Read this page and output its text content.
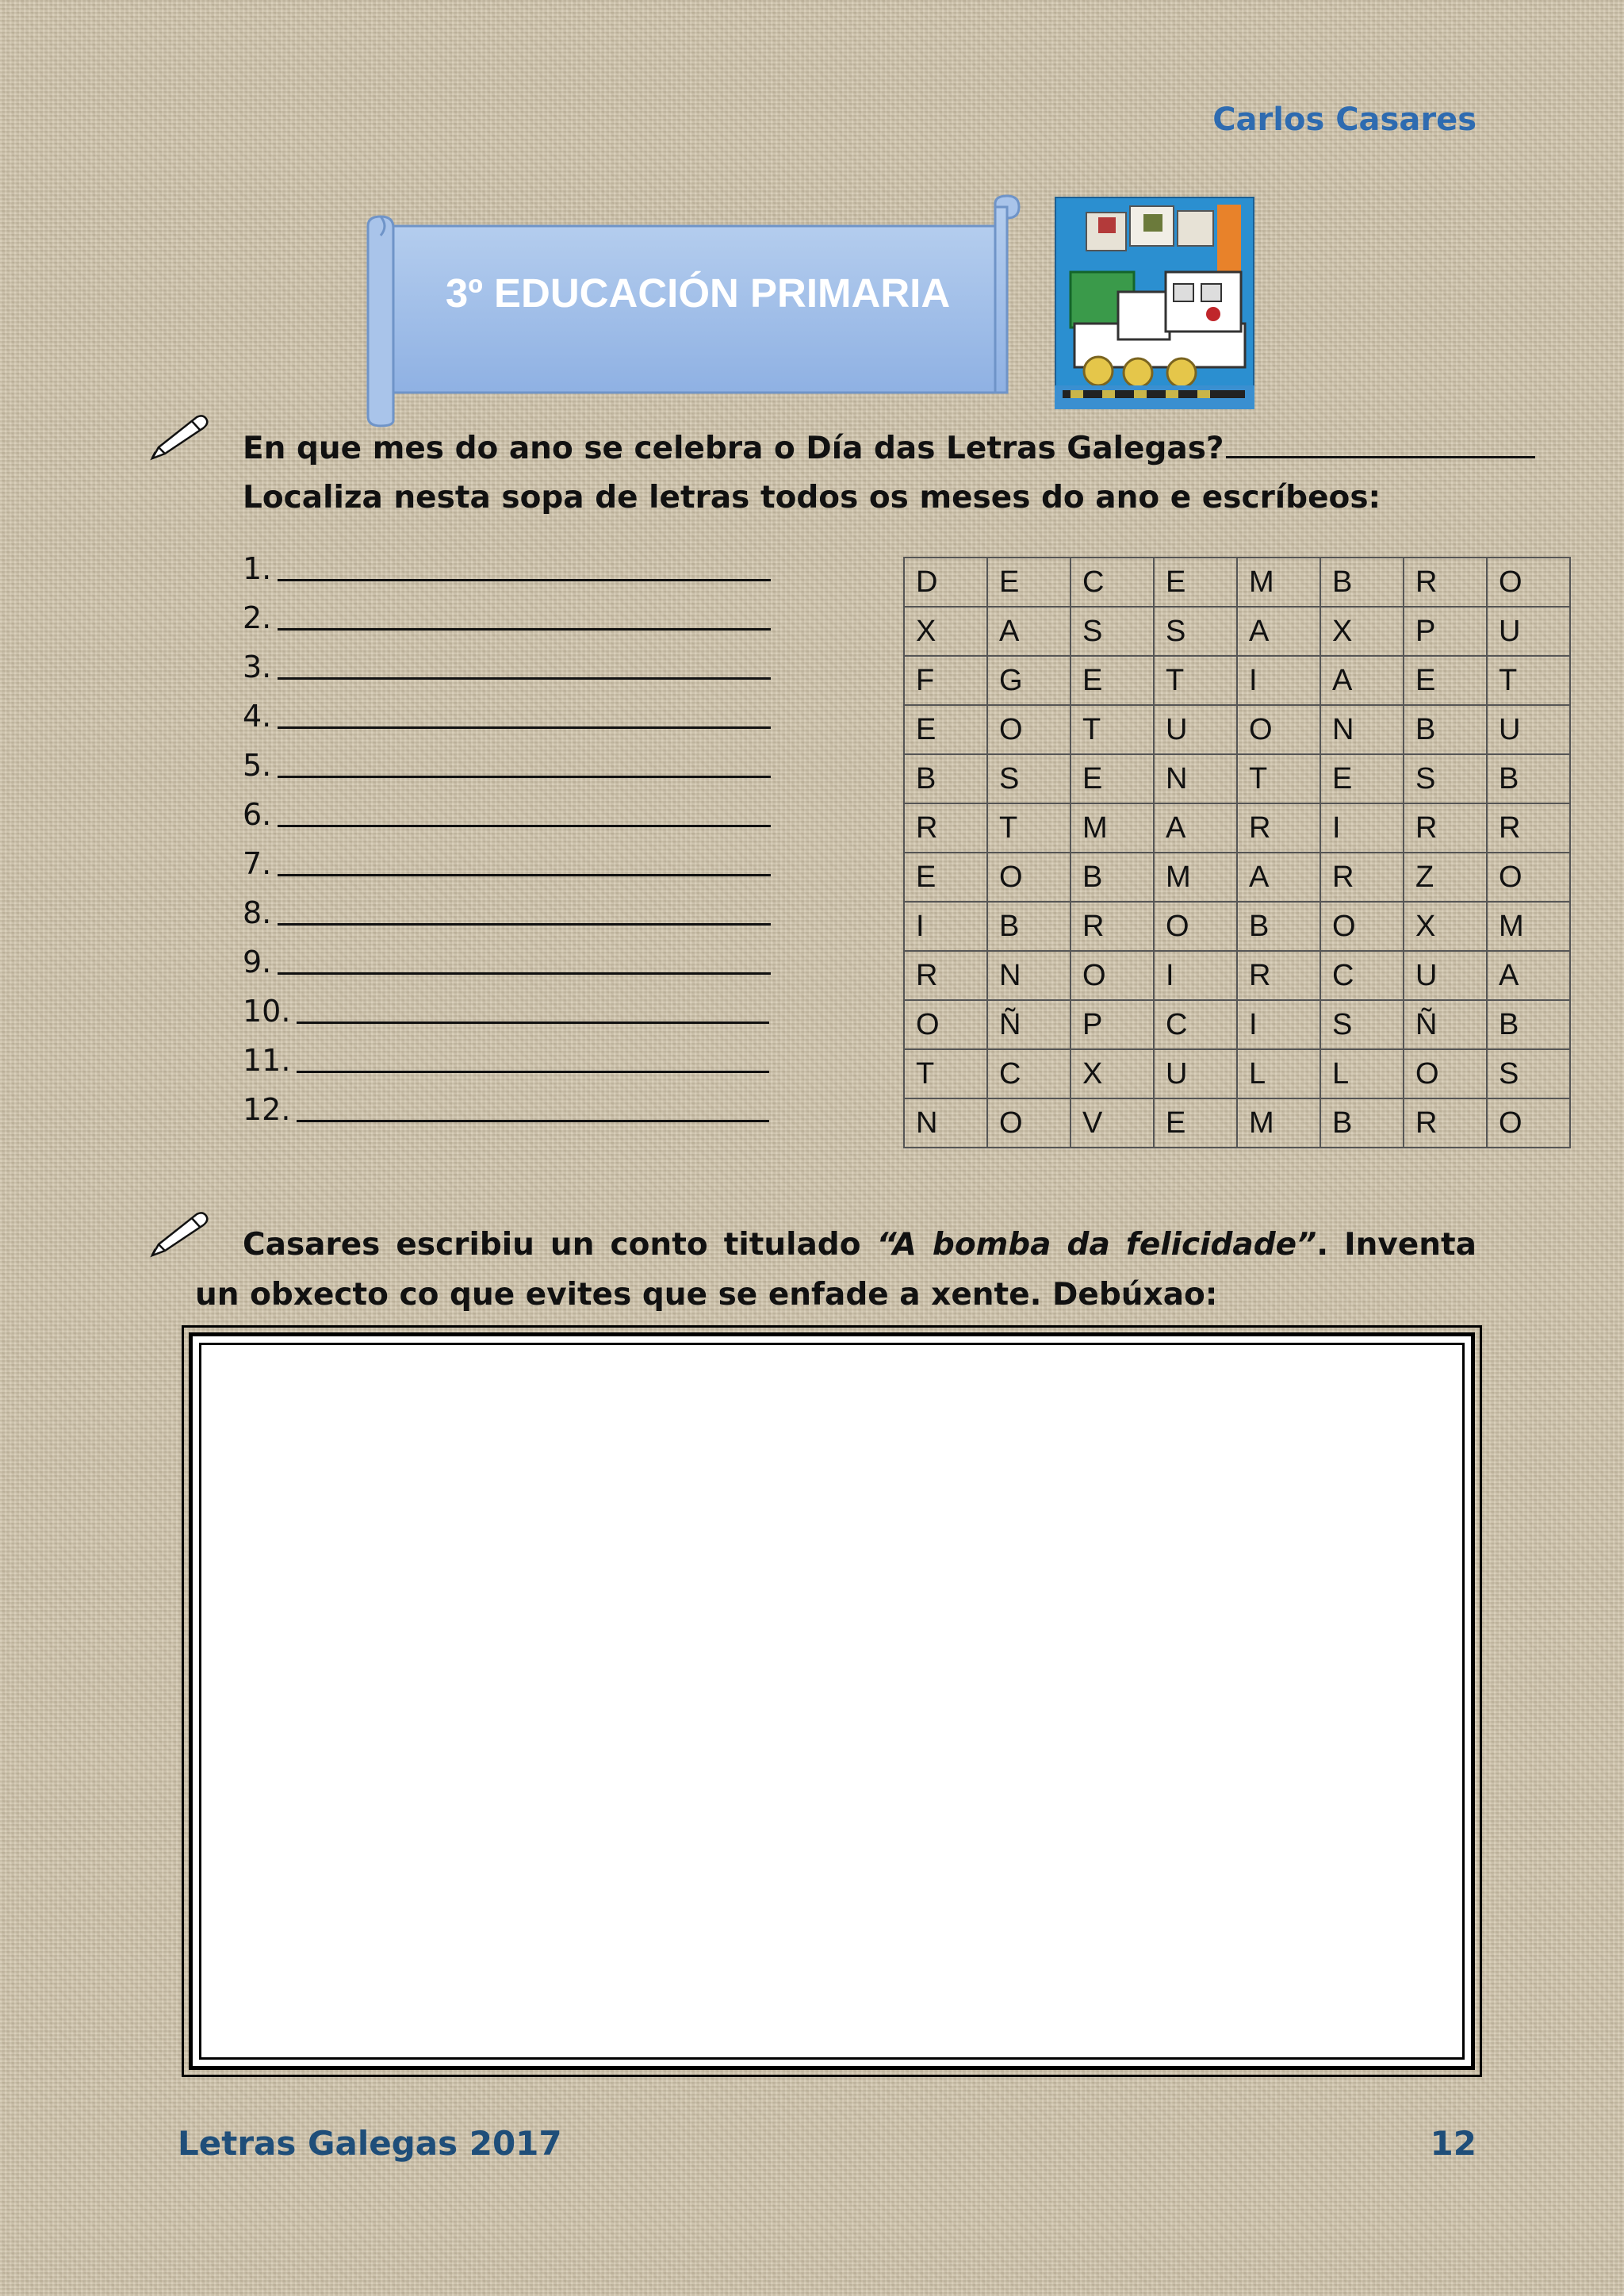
Carlos Casares
3º EDUCACIÓN PRIMARIA
En que mes do ano se celebra o Día das Letras Galegas?
Localiza nesta sopa de letras todos os meses do ano e escríbeos:
1.
2.
3.
4.
5.
6.
7.
8.
9.
10.
11.
12.
D	E	C	E	M	B	R	O
X	A	S	S	A	X	P	U
F	G	E	T	I	A	E	T
E	O	T	U	O	N	B	U
B	S	E	N	T	E	S	B
R	T	M	A	R	I	R	R
E	O	B	M	A	R	Z	O
I	B	R	O	B	O	X	M
R	N	O	I	R	C	U	A
O	Ñ	P	C	I	S	Ñ	B
T	C	X	U	L	L	O	S
N	O	V	E	M	B	R	O
Casares escribiu un conto titulado “A bomba da felicidade”. Inventa un obxecto co que evites que se enfade a xente. Debúxao:
Letras Galegas 2017	12
